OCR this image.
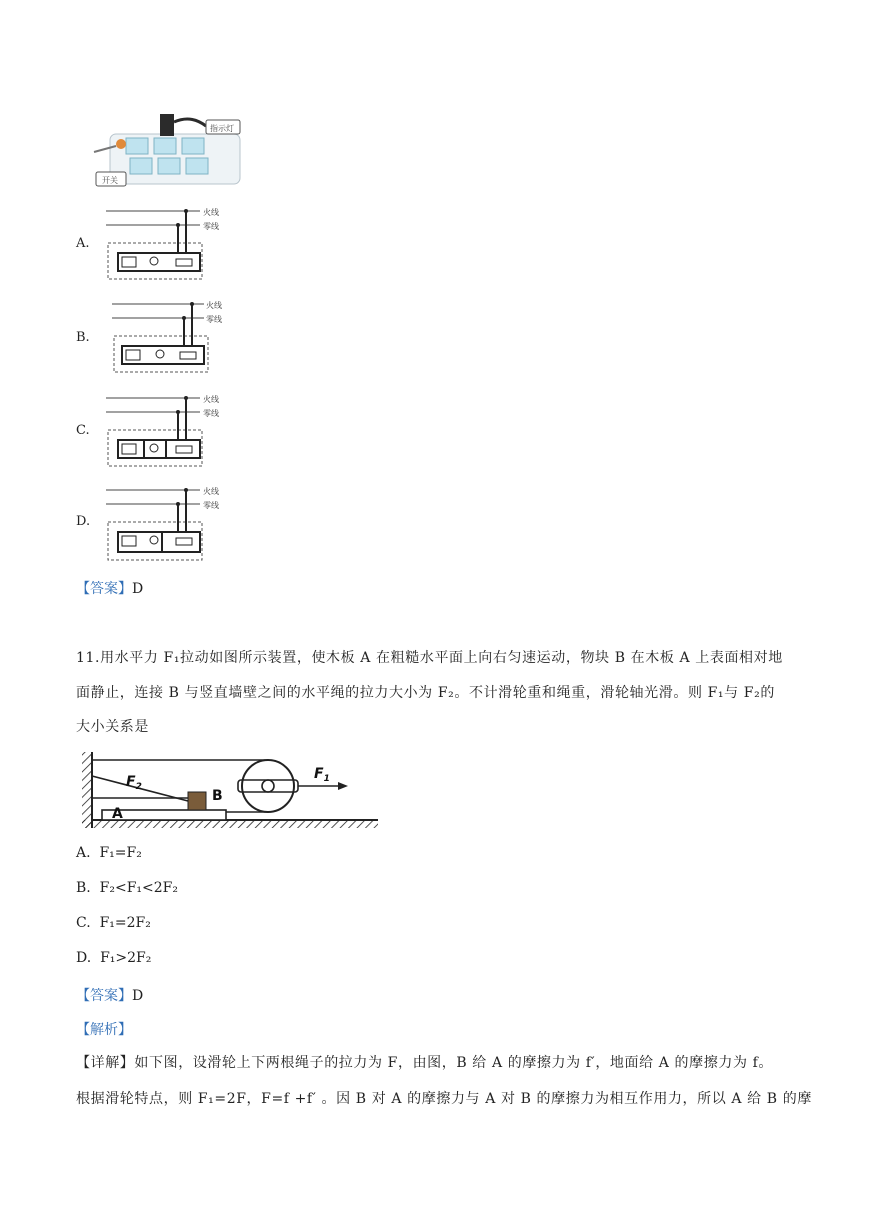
开关
指示灯
A.
火线
零线
B.
火线
零线
C.
火线
零线
D.
火线
零线
【答案】D
11.用水平力 F₁拉动如图所示装置，使木板 A 在粗糙水平面上向右匀速运动，物块 B 在木板 A 上表面相对地
面静止，连接 B 与竖直墙壁之间的水平绳的拉力大小为 F₂。不计滑轮重和绳重，滑轮轴光滑。则 F₁与 F₂的
大小关系是
$F_1$
$F_2$
B
A
A. F₁=F₂
B. F₂<F₁<2F₂
C. F₁=2F₂
D. F₁>2F₂
【答案】D
【解析】
【详解】如下图，设滑轮上下两根绳子的拉力为 F，由图，B 给 A 的摩擦力为 f′，地面给 A 的摩擦力为 f。
根据滑轮特点，则 F₁=2F，F=f +f′ 。因 B 对 A 的摩擦力与 A 对 B 的摩擦力为相互作用力，所以 A 给 B 的摩
